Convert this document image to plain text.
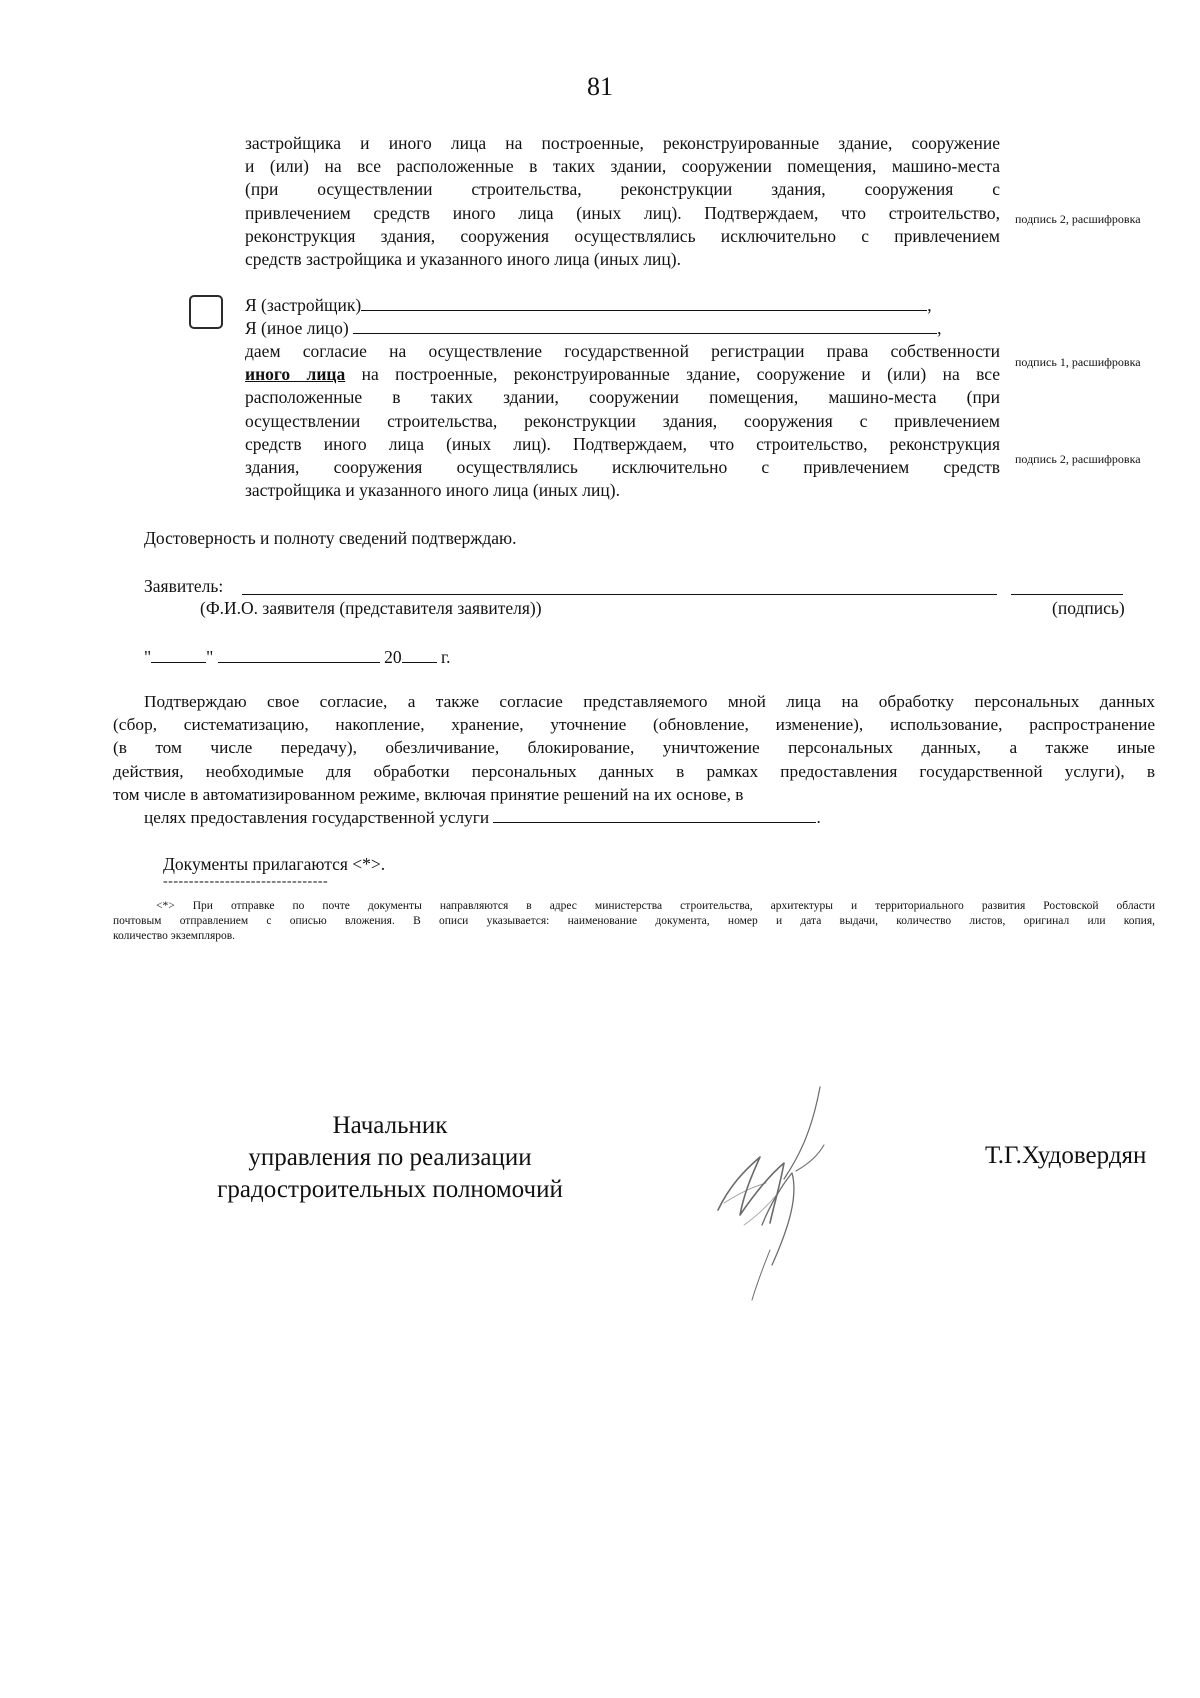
81
застройщика и иного лица на построенные, реконструированные здание, сооружение
и (или) на все расположенные в таких здании, сооружении помещения, машино-места
(при осуществлении строительства, реконструкции здания, сооружения с
привлечением средств иного лица (иных лиц). Подтверждаем, что строительство,
реконструкция здания, сооружения осуществлялись исключительно с привлечением
средств застройщика и указанного иного лица (иных лиц).
подпись 2, расшифровка
Я (застройщик)	,
Я (иное лицо)	,
даем согласие на осуществление государственной регистрации права собственности
иного лица на построенные, реконструированные здание, сооружение и (или) на все
расположенные в таких здании, сооружении помещения, машино-места (при
осуществлении строительства, реконструкции здания, сооружения с привлечением
средств иного лица (иных лиц). Подтверждаем, что строительство, реконструкция
здания, сооружения осуществлялись исключительно с привлечением средств
застройщика и указанного иного лица (иных лиц).
подпись 1, расшифровка
подпись 2, расшифровка
Достоверность и полноту сведений подтверждаю.
Заявитель:
(Ф.И.О. заявителя (представителя заявителя))	(подпись)
"	"	20 г.
Подтверждаю свое согласие, а также согласие представляемого мной лица на обработку персональных данных
(сбор, систематизацию, накопление, хранение, уточнение (обновление, изменение), использование, распространение
(в том числе передачу), обезличивание, блокирование, уничтожение персональных данных, а также иные
действия, необходимые для обработки персональных данных в рамках предоставления государственной услуги), в
том числе в автоматизированном режиме, включая принятие решений на их основе, в
целях предоставления государственной услуги	.
Документы прилагаются <*>.
--------------------------------
<*> При отправке по почте документы направляются в адрес министерства строительства, архитектуры и территориального развития Ростовской области
почтовым отправлением с описью вложения. В описи указывается: наименование документа, номер и дата выдачи, количество листов, оригинал или копия,
количество экземпляров.
Начальник
управления по реализации
градостроительных полномочий
Т.Г.Худовердян
